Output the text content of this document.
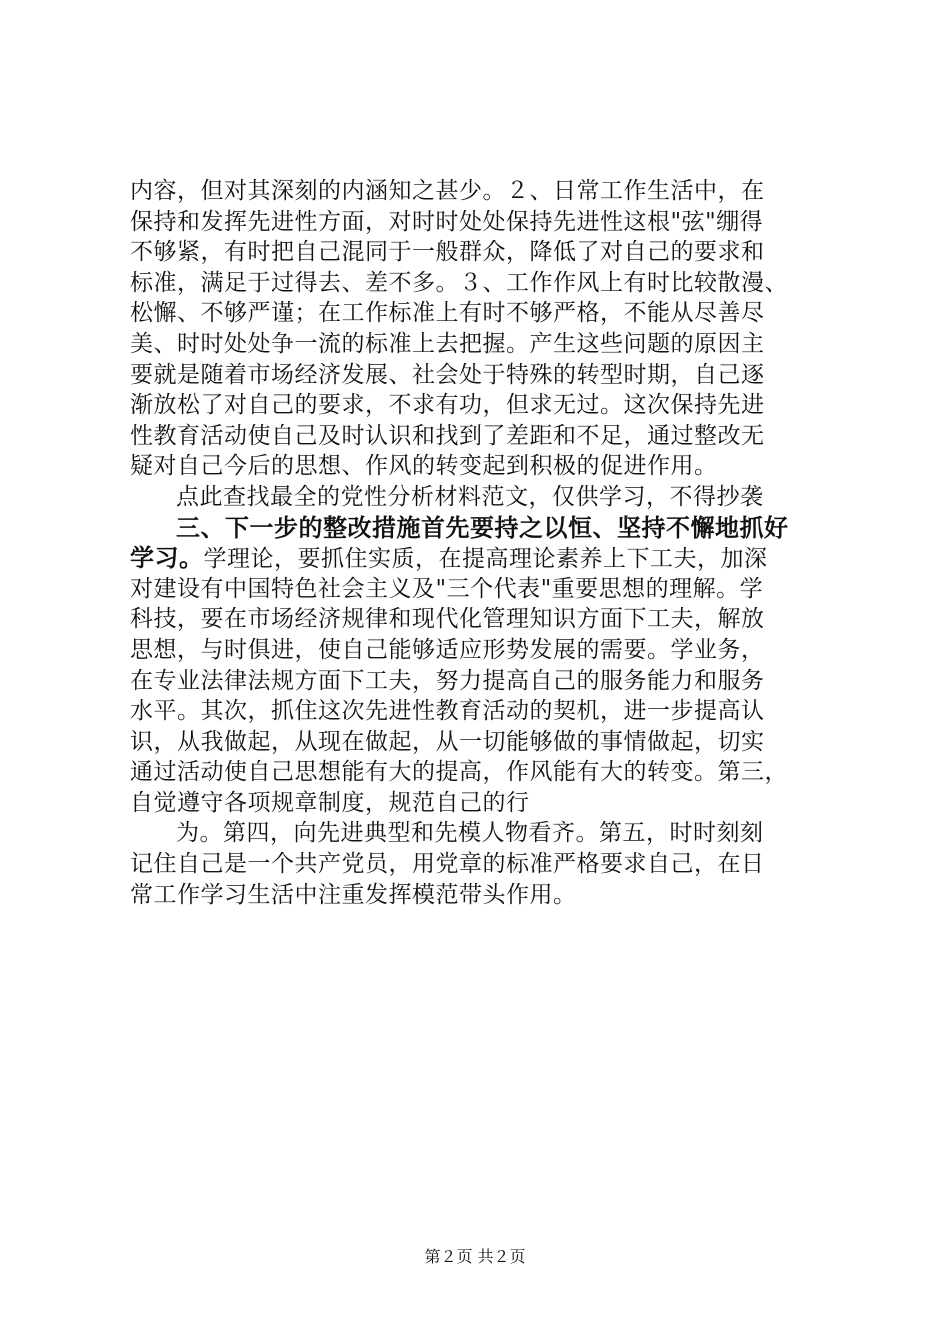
内容，但对其深刻的内涵知之甚少。２、日常工作生活中，在
保持和发挥先进性方面，对时时处处保持先进性这根"弦"绷得
不够紧，有时把自己混同于一般群众，降低了对自己的要求和
标准，满足于过得去、差不多。３、工作作风上有时比较散漫、
松懈、不够严谨；在工作标准上有时不够严格，不能从尽善尽
美、时时处处争一流的标准上去把握。产生这些问题的原因主
要就是随着市场经济发展、社会处于特殊的转型时期，自己逐
渐放松了对自己的要求，不求有功，但求无过。这次保持先进
性教育活动使自己及时认识和找到了差距和不足，通过整改无
疑对自己今后的思想、作风的转变起到积极的促进作用。
点此查找最全的党性分析材料范文，仅供学习，不得抄袭
三、下一步的整改措施首先要持之以恒、坚持不懈地抓好
学习。学理论，要抓住实质，在提高理论素养上下工夫，加深
对建设有中国特色社会主义及"三个代表"重要思想的理解。学
科技，要在市场经济规律和现代化管理知识方面下工夫，解放
思想，与时俱进，使自己能够适应形势发展的需要。学业务，
在专业法律法规方面下工夫，努力提高自己的服务能力和服务
水平。其次，抓住这次先进性教育活动的契机，进一步提高认
识，从我做起，从现在做起，从一切能够做的事情做起，切实
通过活动使自己思想能有大的提高，作风能有大的转变。第三，
自觉遵守各项规章制度，规范自己的行
为。第四，向先进典型和先模人物看齐。第五，时时刻刻
记住自己是一个共产党员，用党章的标准严格要求自己，在日
常工作学习生活中注重发挥模范带头作用。
第２页 共２页
